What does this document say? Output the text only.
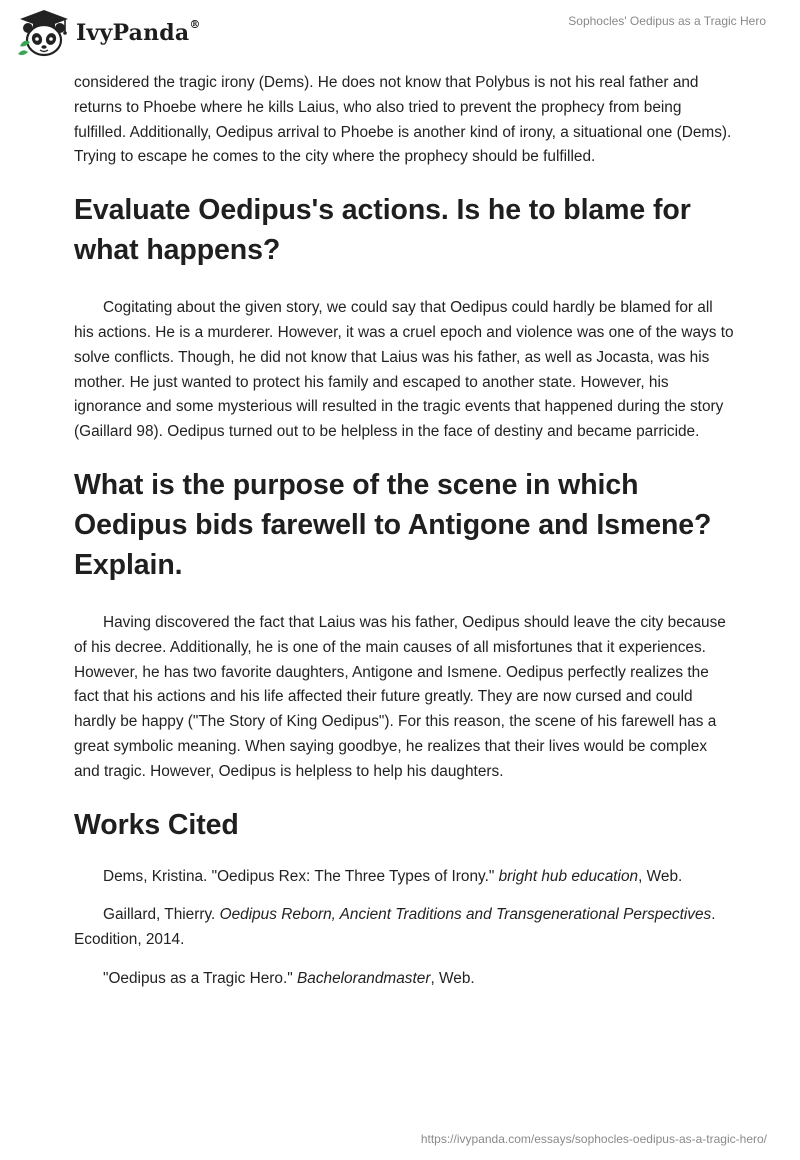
IvyPanda®	Sophocles' Oedipus as a Tragic Hero

considered the tragic irony (Dems). He does not know that Polybus is not his real father and returns to Phoebe where he kills Laius, who also tried to prevent the prophecy from being fulfilled. Additionally, Oedipus arrival to Phoebe is another kind of irony, a situational one (Dems). Trying to escape he comes to the city where the prophecy should be fulfilled.

Evaluate Oedipus's actions. Is he to blame for what happens?

Cogitating about the given story, we could say that Oedipus could hardly be blamed for all his actions. He is a murderer. However, it was a cruel epoch and violence was one of the ways to solve conflicts. Though, he did not know that Laius was his father, as well as Jocasta, was his mother. He just wanted to protect his family and escaped to another state. However, his ignorance and some mysterious will resulted in the tragic events that happened during the story (Gaillard 98). Oedipus turned out to be helpless in the face of destiny and became parricide.

What is the purpose of the scene in which Oedipus bids farewell to Antigone and Ismene? Explain.

Having discovered the fact that Laius was his father, Oedipus should leave the city because of his decree. Additionally, he is one of the main causes of all misfortunes that it experiences. However, he has two favorite daughters, Antigone and Ismene. Oedipus perfectly realizes the fact that his actions and his life affected their future greatly. They are now cursed and could hardly be happy ("The Story of King Oedipus"). For this reason, the scene of his farewell has a great symbolic meaning. When saying goodbye, he realizes that their lives would be complex and tragic. However, Oedipus is helpless to help his daughters.

Works Cited

Dems, Kristina. "Oedipus Rex: The Three Types of Irony." bright hub education, Web.

Gaillard, Thierry. Oedipus Reborn, Ancient Traditions and Transgenerational Perspectives. Ecodition, 2014.

"Oedipus as a Tragic Hero." Bachelorandmaster, Web.

https://ivypanda.com/essays/sophocles-oedipus-as-a-tragic-hero/
